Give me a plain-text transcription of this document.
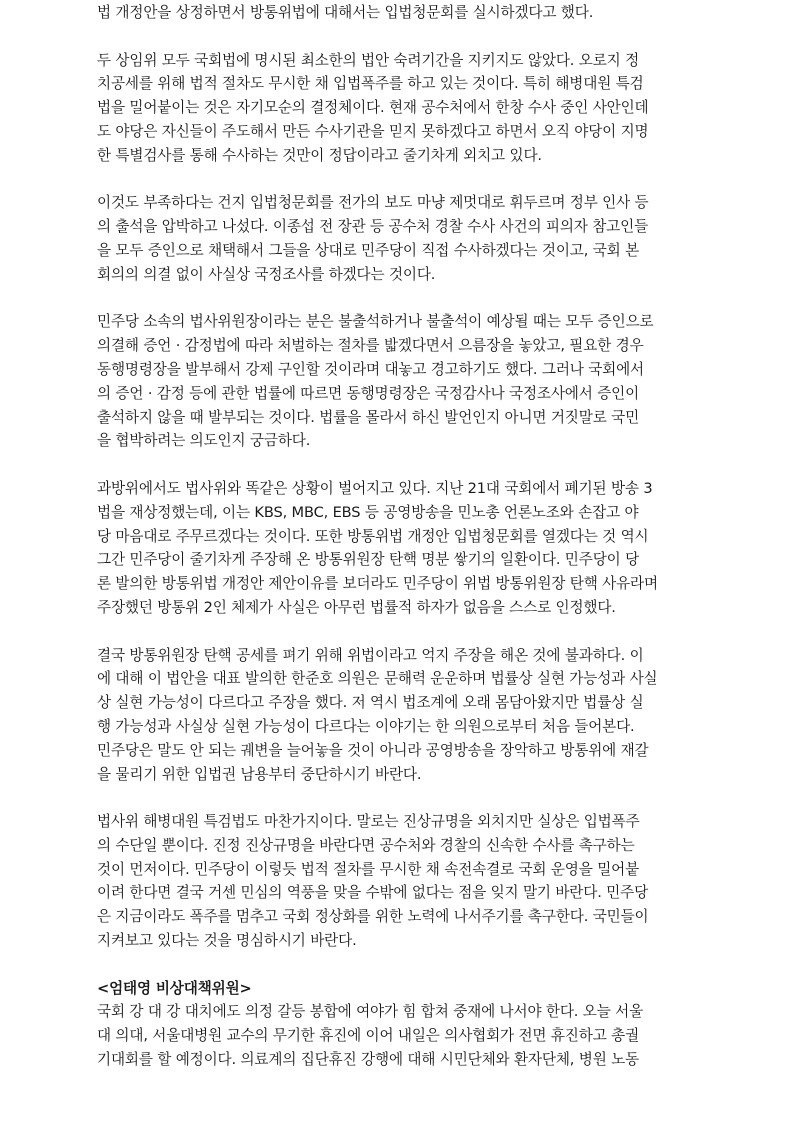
법 개정안을 상정하면서 방통위법에 대해서는 입법청문회를 실시하겠다고 했다.
두 상임위 모두 국회법에 명시된 최소한의 법안 숙려기간을 지키지도 않았다. 오로지 정
치공세를 위해 법적 절차도 무시한 채 입법폭주를 하고 있는 것이다. 특히 해병대원 특검
법을 밀어붙이는 것은 자기모순의 결정체이다. 현재 공수처에서 한창 수사 중인 사안인데
도 야당은 자신들이 주도해서 만든 수사기관을 믿지 못하겠다고 하면서 오직 야당이 지명
한 특별검사를 통해 수사하는 것만이 정답이라고 줄기차게 외치고 있다.
이것도 부족하다는 건지 입법청문회를 전가의 보도 마냥 제멋대로 휘두르며 정부 인사 등
의 출석을 압박하고 나섰다. 이종섭 전 장관 등 공수처 경찰 수사 사건의 피의자 참고인들
을 모두 증인으로 채택해서 그들을 상대로 민주당이 직접 수사하겠다는 것이고, 국회 본
회의의 의결 없이 사실상 국정조사를 하겠다는 것이다.
민주당 소속의 법사위원장이라는 분은 불출석하거나 불출석이 예상될 때는 모두 증인으로
의결해 증언 · 감정법에 따라 처벌하는 절차를 밟겠다면서 으름장을 놓았고, 필요한 경우
동행명령장을 발부해서 강제 구인할 것이라며 대놓고 경고하기도 했다. 그러나 국회에서
의 증언 · 감정 등에 관한 법률에 따르면 동행명령장은 국정감사나 국정조사에서 증인이
출석하지 않을 때 발부되는 것이다. 법률을 몰라서 하신 발언인지 아니면 거짓말로 국민
을 협박하려는 의도인지 궁금하다.
과방위에서도 법사위와 똑같은 상황이 벌어지고 있다. 지난 21대 국회에서 폐기된 방송 3
법을 재상정했는데, 이는 KBS, MBC, EBS 등 공영방송을 민노총 언론노조와 손잡고 야
당 마음대로 주무르겠다는 것이다. 또한 방통위법 개정안 입법청문회를 열겠다는 것 역시
그간 민주당이 줄기차게 주장해 온 방통위원장 탄핵 명분 쌓기의 일환이다. 민주당이 당
론 발의한 방통위법 개정안 제안이유를 보더라도 민주당이 위법 방통위원장 탄핵 사유라며
주장했던 방통위 2인 체제가 사실은 아무런 법률적 하자가 없음을 스스로 인정했다.
결국 방통위원장 탄핵 공세를 펴기 위해 위법이라고 억지 주장을 해온 것에 불과하다. 이
에 대해 이 법안을 대표 발의한 한준호 의원은 문해력 운운하며 법률상 실현 가능성과 사실
상 실현 가능성이 다르다고 주장을 했다. 저 역시 법조계에 오래 몸담아왔지만 법률상 실
행 가능성과 사실상 실현 가능성이 다르다는 이야기는 한 의원으로부터 처음 들어본다.
민주당은 말도 안 되는 궤변을 늘어놓을 것이 아니라 공영방송을 장악하고 방통위에 재갈
을 물리기 위한 입법권 남용부터 중단하시기 바란다.
법사위 해병대원 특검법도 마찬가지이다. 말로는 진상규명을 외치지만 실상은 입법폭주
의 수단일 뿐이다. 진정 진상규명을 바란다면 공수처와 경찰의 신속한 수사를 촉구하는
것이 먼저이다. 민주당이 이렇듯 법적 절차를 무시한 채 속전속결로 국회 운영을 밀어붙
이려 한다면 결국 거센 민심의 역풍을 맞을 수밖에 없다는 점을 잊지 말기 바란다. 민주당
은 지금이라도 폭주를 멈추고 국회 정상화를 위한 노력에 나서주기를 촉구한다. 국민들이
지켜보고 있다는 것을 명심하시기 바란다.
<엄태영 비상대책위원>
국회 강 대 강 대치에도 의정 갈등 봉합에 여야가 힘 합쳐 중재에 나서야 한다. 오늘 서울
대 의대, 서울대병원 교수의 무기한 휴진에 이어 내일은 의사협회가 전면 휴진하고 총궐
기대회를 할 예정이다. 의료계의 집단휴진 강행에 대해 시민단체와 환자단체, 병원 노동
